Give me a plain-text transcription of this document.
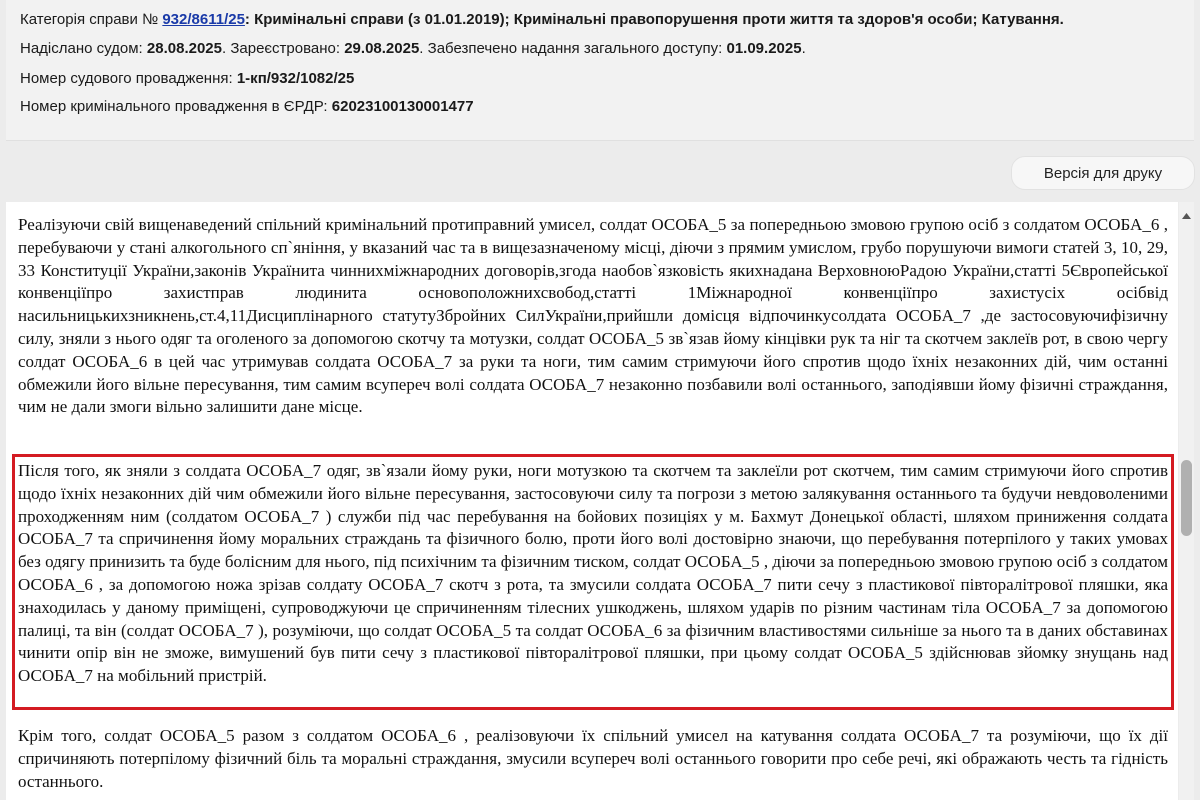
Категорія справи № 932/8611/25: Кримінальні справи (з 01.01.2019); Кримінальні правопорушення проти життя та здоров'я особи; Катування.
Надіслано судом: 28.08.2025. Зареєстровано: 29.08.2025. Забезпечено надання загального доступу: 01.09.2025.
Номер судового провадження: 1-кп/932/1082/25
Номер кримінального провадження в ЄРДР: 62023100130001477
Версія для друку

Реалізуючи свій вищенаведений спільний кримінальний протиправний умисел, солдат ОСОБА_5 за попередньою змовою групою осіб з солдатом ОСОБА_6 , перебуваючи у стані алкогольного сп`яніння, у вказаний час та в вищезазначеному місці, діючи з прямим умислом, грубо порушуючи вимоги статей 3, 10, 29, 33 Конституції України,законів Українита чиннихміжнародних договорів,згода наобов`язковість якихнадана ВерховноюРадою України,статті 5Європейської конвенціїпро захистправ людинита основоположнихсвобод,статті 1Міжнародної конвенціїпро захистусіх осібвід насильницькихзникнень,ст.4,11Дисциплінарного статутуЗбройних СилУкраїни,прийшли домісця відпочинкусолдата ОСОБА_7 ,де застосовуючифізичну силу, зняли з нього одяг та оголеного за допомогою скотчу та мотузки, солдат ОСОБА_5 зв`язав йому кінцівки рук та ніг та скотчем заклеїв рот, в свою чергу солдат ОСОБА_6 в цей час утримував солдата ОСОБА_7 за руки та ноги, тим самим стримуючи його спротив щодо їхніх незаконних дій, чим останні обмежили його вільне пересування, тим самим всупереч волі солдата ОСОБА_7 незаконно позбавили волі останнього, заподіявши йому фізичні страждання, чим не дали змоги вільно залишити дане місце.

Після того, як зняли з солдата ОСОБА_7 одяг, зв`язали йому руки, ноги мотузкою та скотчем та заклеїли рот скотчем, тим самим стримуючи його спротив щодо їхніх незаконних дій чим обмежили його вільне пересування, застосовуючи силу та погрози з метою залякування останнього та будучи невдоволеними проходженням ним (солдатом ОСОБА_7 ) служби під час перебування на бойових позиціях у м. Бахмут Донецької області, шляхом приниження солдата ОСОБА_7 та спричинення йому моральних страждань та фізичного болю, проти його волі достовірно знаючи, що перебування потерпілого у таких умовах без одягу принизить та буде болісним для нього, під психічним та фізичним тиском, солдат ОСОБА_5 , діючи за попередньою змовою групою осіб з солдатом ОСОБА_6 , за допомогою ножа зрізав солдату ОСОБА_7 скотч з рота, та змусили солдата ОСОБА_7 пити сечу з пластикової півторалітрової пляшки, яка знаходилась у даному приміщені, супроводжуючи це спричиненням тілесних ушкоджень, шляхом ударів по різним частинам тіла ОСОБА_7 за допомогою палиці, та він (солдат ОСОБА_7 ), розуміючи, що солдат ОСОБА_5 та солдат ОСОБА_6 за фізичним властивостями сильніше за нього та в даних обставинах чинити опір він не зможе, вимушений був пити сечу з пластикової півторалітрової пляшки, при цьому солдат ОСОБА_5 здійснював зйомку знущань над ОСОБА_7 на мобільний пристрій.

Крім того, солдат ОСОБА_5 разом з солдатом ОСОБА_6 , реалізовуючи їх спільний умисел на катування солдата ОСОБА_7 та розуміючи, що їх дії спричиняють потерпілому фізичний біль та моральні страждання, змусили всупереч волі останнього говорити про себе речі, які ображають честь та гідність останнього.
